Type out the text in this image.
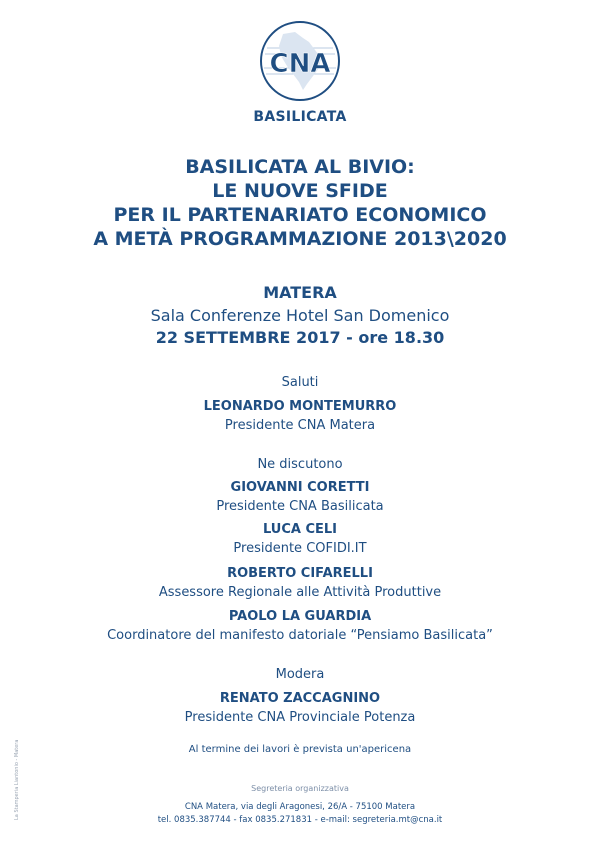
CNA
BASILICATA
BASILICATA AL BIVIO:
LE NUOVE SFIDE
PER IL PARTENARIATO ECONOMICO
A METÀ PROGRAMMAZIONE 2013\2020
MATERA
Sala Conferenze Hotel San Domenico
22 SETTEMBRE 2017 - ore 18.30
Saluti
LEONARDO MONTEMURRO
Presidente CNA Matera
Ne discutono
GIOVANNI CORETTI
Presidente CNA Basilicata
LUCA CELI
Presidente COFIDI.IT
ROBERTO CIFARELLI
Assessore Regionale alle Attività Produttive
PAOLO LA GUARDIA
Coordinatore del manifesto datoriale “Pensiamo Basilicata”
Modera
RENATO ZACCAGNINO
Presidente CNA Provinciale Potenza
Al termine dei lavori è prevista un'apericena
Segreteria organizzativa
CNA Matera, via degli Aragonesi, 26/A - 75100 Matera
tel. 0835.387744 - fax 0835.271831 - e-mail: segreteria.mt@cna.it
La Stamperia Liantonio - Matera
